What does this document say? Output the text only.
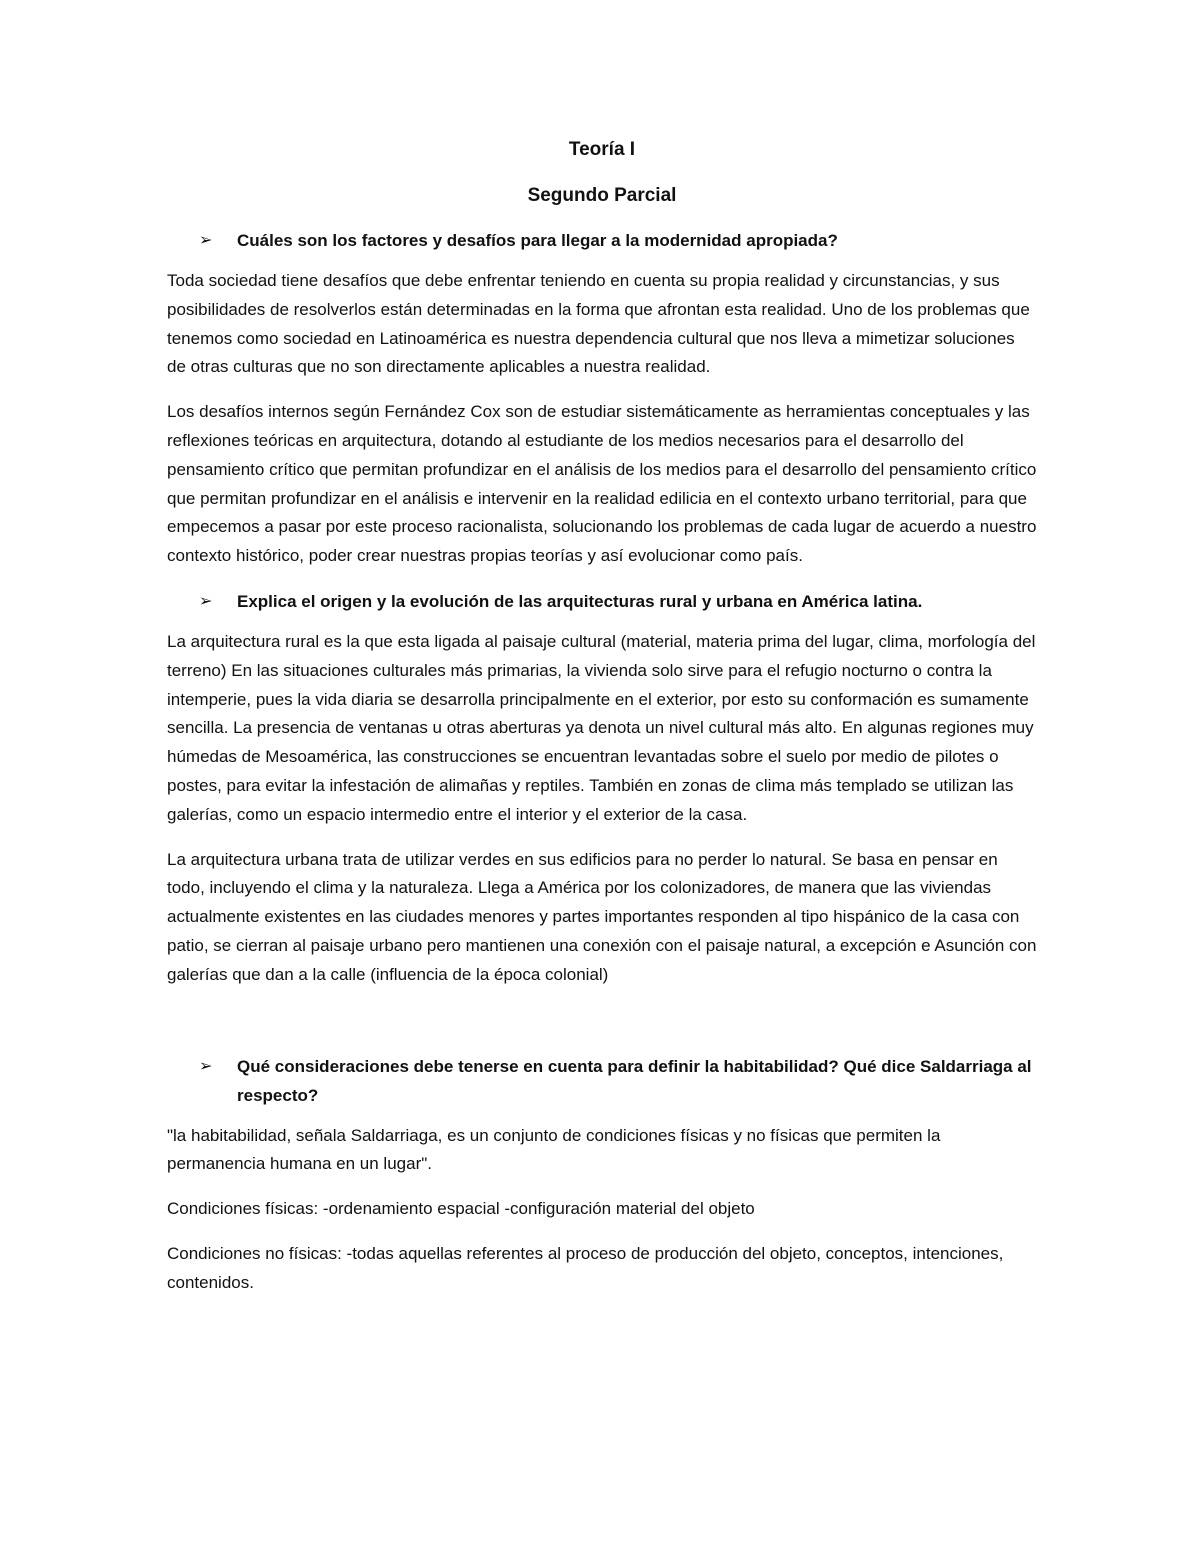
Teoría I
Segundo Parcial
➢	Cuáles son los factores y desafíos para llegar a la modernidad apropiada?

Toda sociedad tiene desafíos que debe enfrentar teniendo en cuenta su propia realidad y circunstancias, y sus posibilidades de resolverlos están determinadas en la forma que afrontan esta realidad. Uno de los problemas que tenemos como sociedad en Latinoamérica es nuestra dependencia cultural que nos lleva a mimetizar soluciones de otras culturas que no son directamente aplicables a nuestra realidad.

Los desafíos internos según Fernández Cox son de estudiar sistemáticamente as herramientas conceptuales y las reflexiones teóricas en arquitectura, dotando al estudiante de los medios necesarios para el desarrollo del pensamiento crítico que permitan profundizar en el análisis de los medios para el desarrollo del pensamiento crítico que permitan profundizar en el análisis e intervenir en la realidad edilicia en el contexto urbano territorial, para que empecemos a pasar por este proceso racionalista, solucionando los problemas de cada lugar de acuerdo a nuestro contexto histórico, poder crear nuestras propias teorías y así evolucionar como país.

➢	Explica el origen y la evolución de las arquitecturas rural y urbana en América latina.

La arquitectura rural es la que esta ligada al paisaje cultural (material, materia prima del lugar, clima, morfología del terreno) En las situaciones culturales más primarias, la vivienda solo sirve para el refugio nocturno o contra la intemperie, pues la vida diaria se desarrolla principalmente en el exterior, por esto su conformación es sumamente sencilla. La presencia de ventanas u otras aberturas ya denota un nivel cultural más alto. En algunas regiones muy húmedas de Mesoamérica, las construcciones se encuentran levantadas sobre el suelo por medio de pilotes o postes, para evitar la infestación de alimañas y reptiles. También en zonas de clima más templado se utilizan las galerías, como un espacio intermedio entre el interior y el exterior de la casa.

La arquitectura urbana trata de utilizar verdes en sus edificios para no perder lo natural. Se basa en pensar en todo, incluyendo el clima y la naturaleza. Llega a América por los colonizadores, de manera que las viviendas actualmente existentes en las ciudades menores y partes importantes responden al tipo hispánico de la casa con patio, se cierran al paisaje urbano pero mantienen una conexión con el paisaje natural, a excepción e Asunción con galerías que dan a la calle (influencia de la época colonial)

➢	Qué consideraciones debe tenerse en cuenta para definir la habitabilidad? Qué dice Saldarriaga al respecto?

"la habitabilidad, señala Saldarriaga, es un conjunto de condiciones físicas y no físicas que permiten la permanencia humana en un lugar".

Condiciones físicas: -ordenamiento espacial -configuración material del objeto

Condiciones no físicas: -todas aquellas referentes al proceso de producción del objeto, conceptos, intenciones, contenidos.
